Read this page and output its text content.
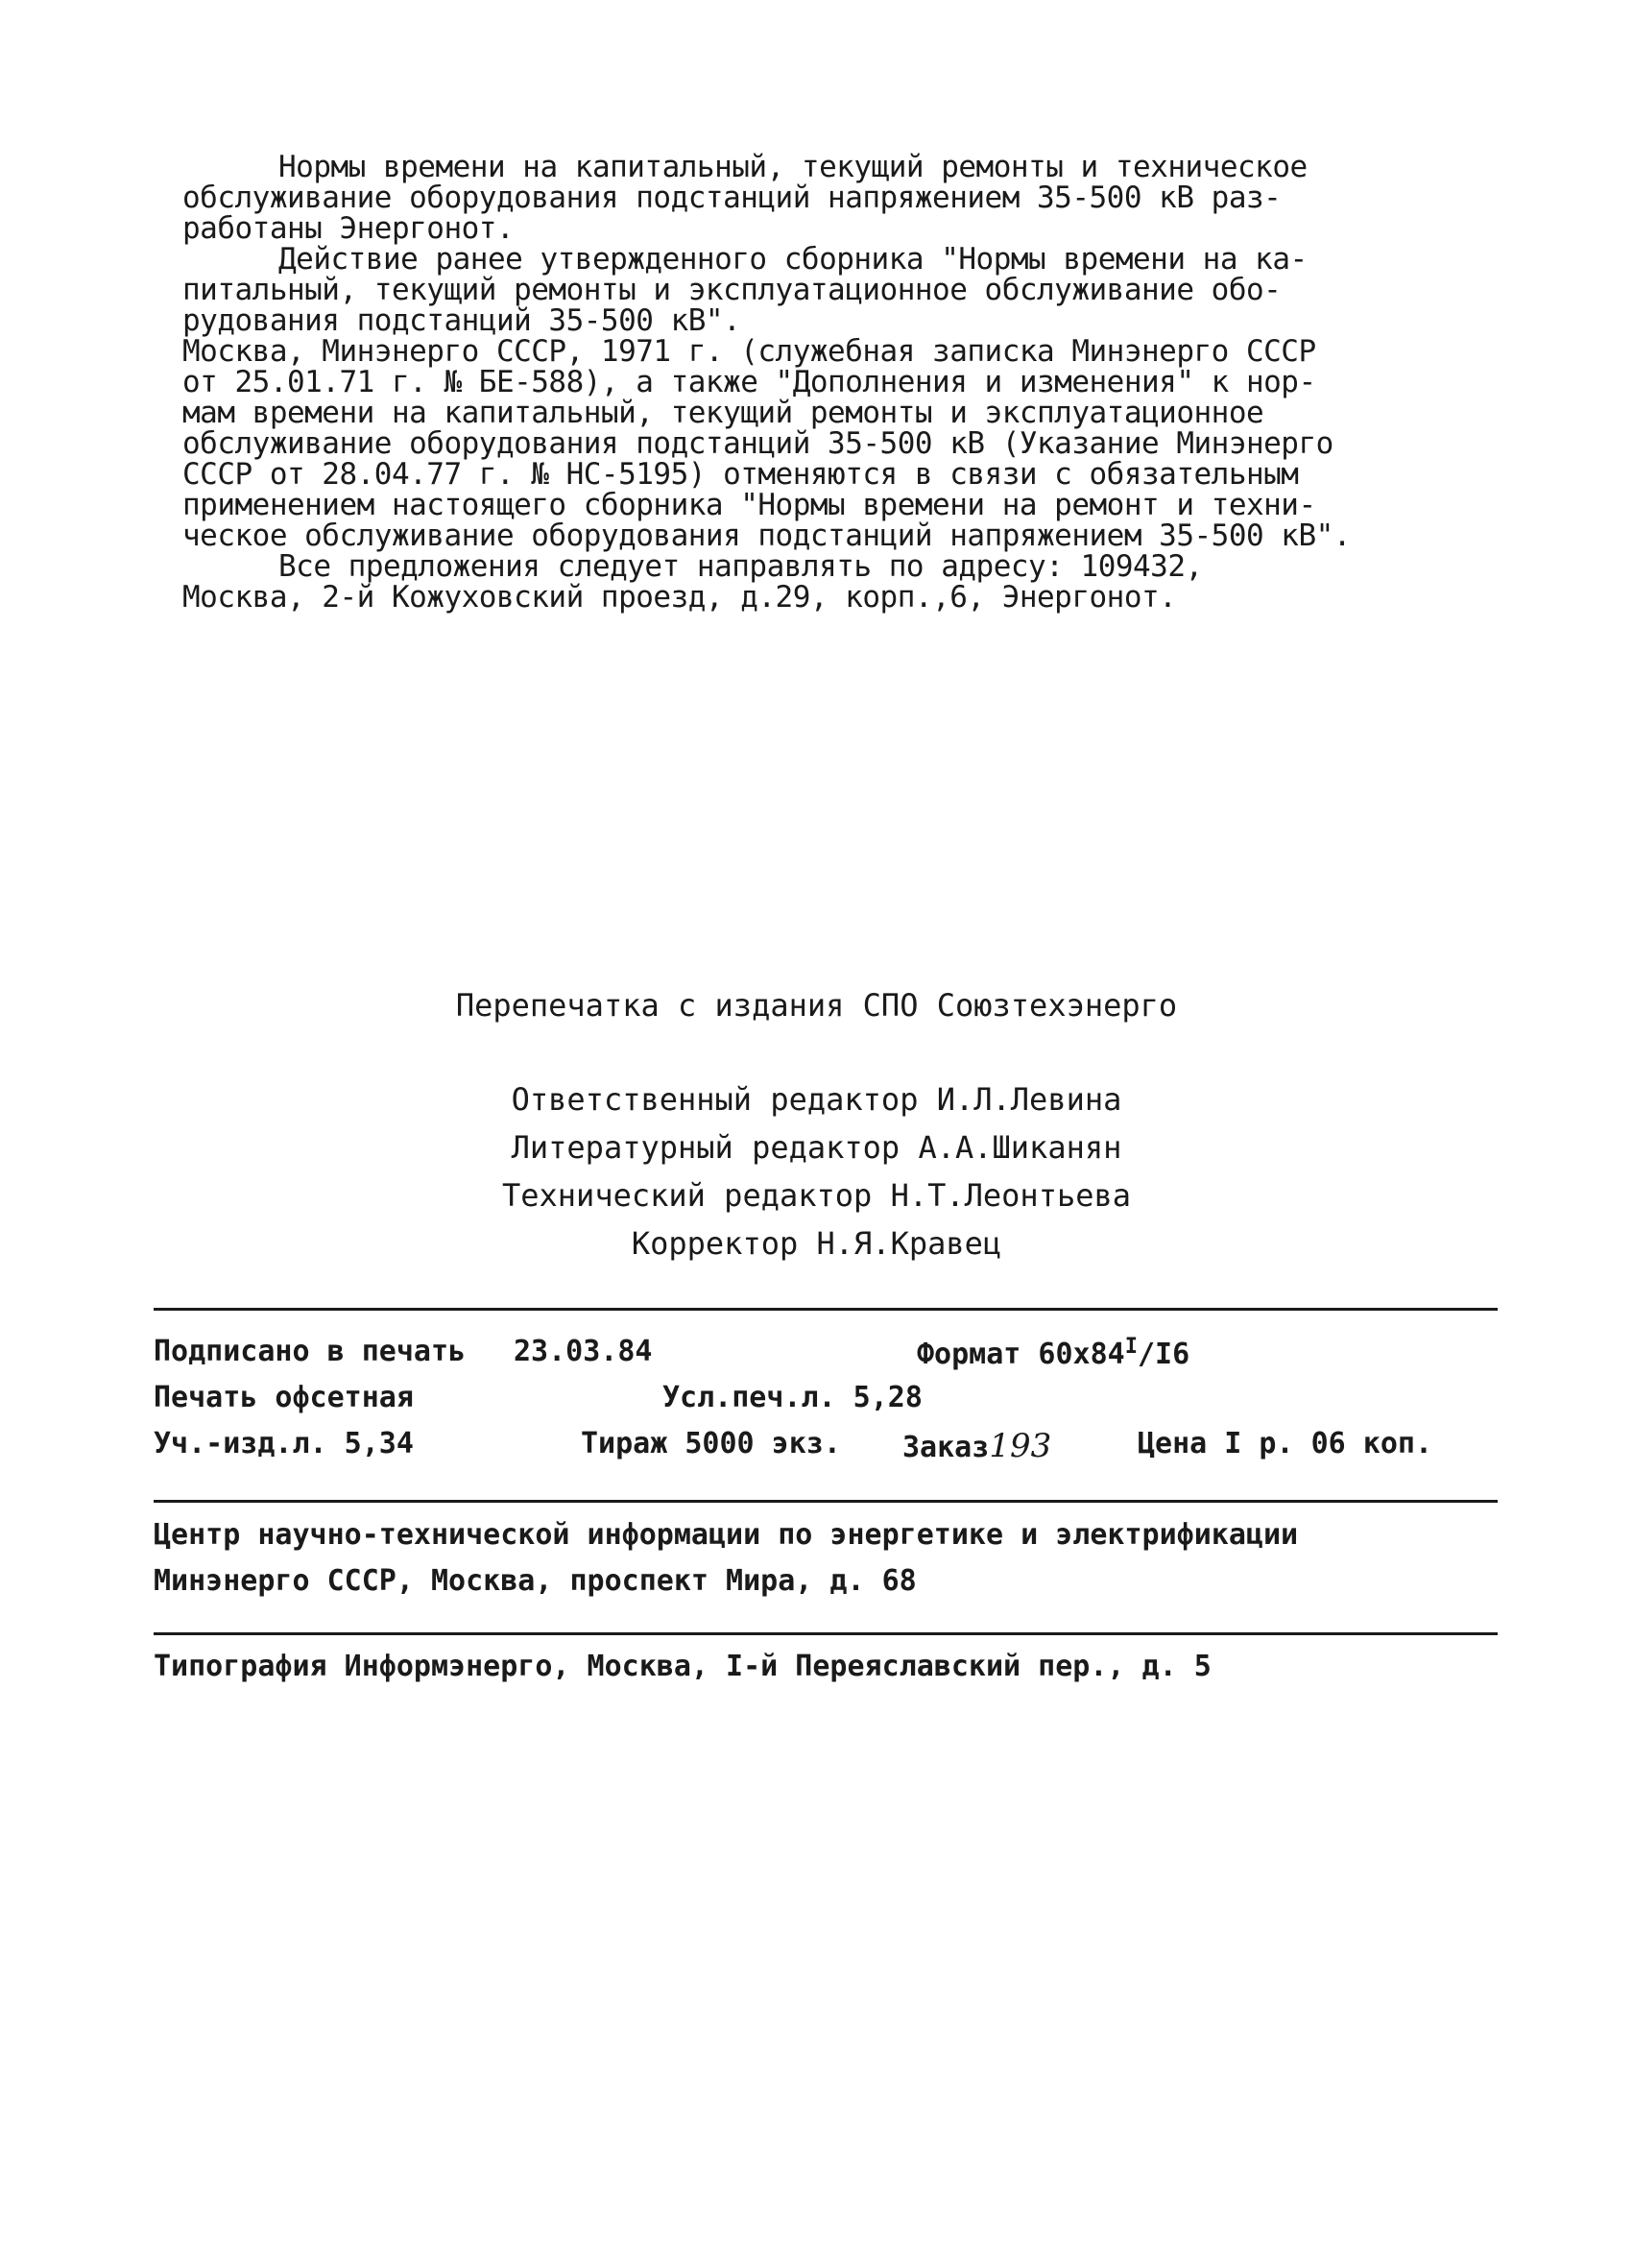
Нормы времени на капитальный, текущий ремонты и техническое

обслуживание оборудования подстанций напряжением 35-500 кВ раз-

работаны Энергонот.

Действие ранее утвержденного сборника "Нормы времени на ка-

питальный, текущий ремонты и эксплуатационное обслуживание обо-

рудования подстанций 35-500 кВ".

Москва, Минэнерго СССР, 1971 г. (служебная записка Минэнерго СССР

от 25.01.71 г. № БЕ-588), а также "Дополнения и изменения" к нор-

мам времени на капитальный, текущий ремонты и эксплуатационное

обслуживание оборудования подстанций 35-500 кВ (Указание Минэнерго

СССР от 28.04.77 г. № НС-5195) отменяются в связи с обязательным

применением настоящего сборника "Нормы времени на ремонт и техни-

ческое обслуживание оборудования подстанций напряжением 35-500 кВ".

Все предложения следует направлять по адресу: 109432,

Москва, 2-й Кожуховский проезд, д.29, корп.,6, Энергонот.

Перепечатка с издания СПО Союзтехэнерго
Ответственный редактор И.Л.Левина
Литературный редактор А.А.Шиканян
Технический редактор Н.Т.Леонтьева
Корректор Н.Я.Кравец
Подписано в печать 23.03.84	Формат $60х84^I/I6$
Печать офсетная	Усл.печ.л. 5,28
Уч.-изд.л. 5,34	Тираж 5000 экз. Заказ193	Цена I р. 06 коп.
Центр научно-технической информации по энергетике и электрификации
Минэнерго СССР, Москва, проспект Мира, д. 68
Типография Информэнерго, Москва, I-й Переяславский пер., д. 5
